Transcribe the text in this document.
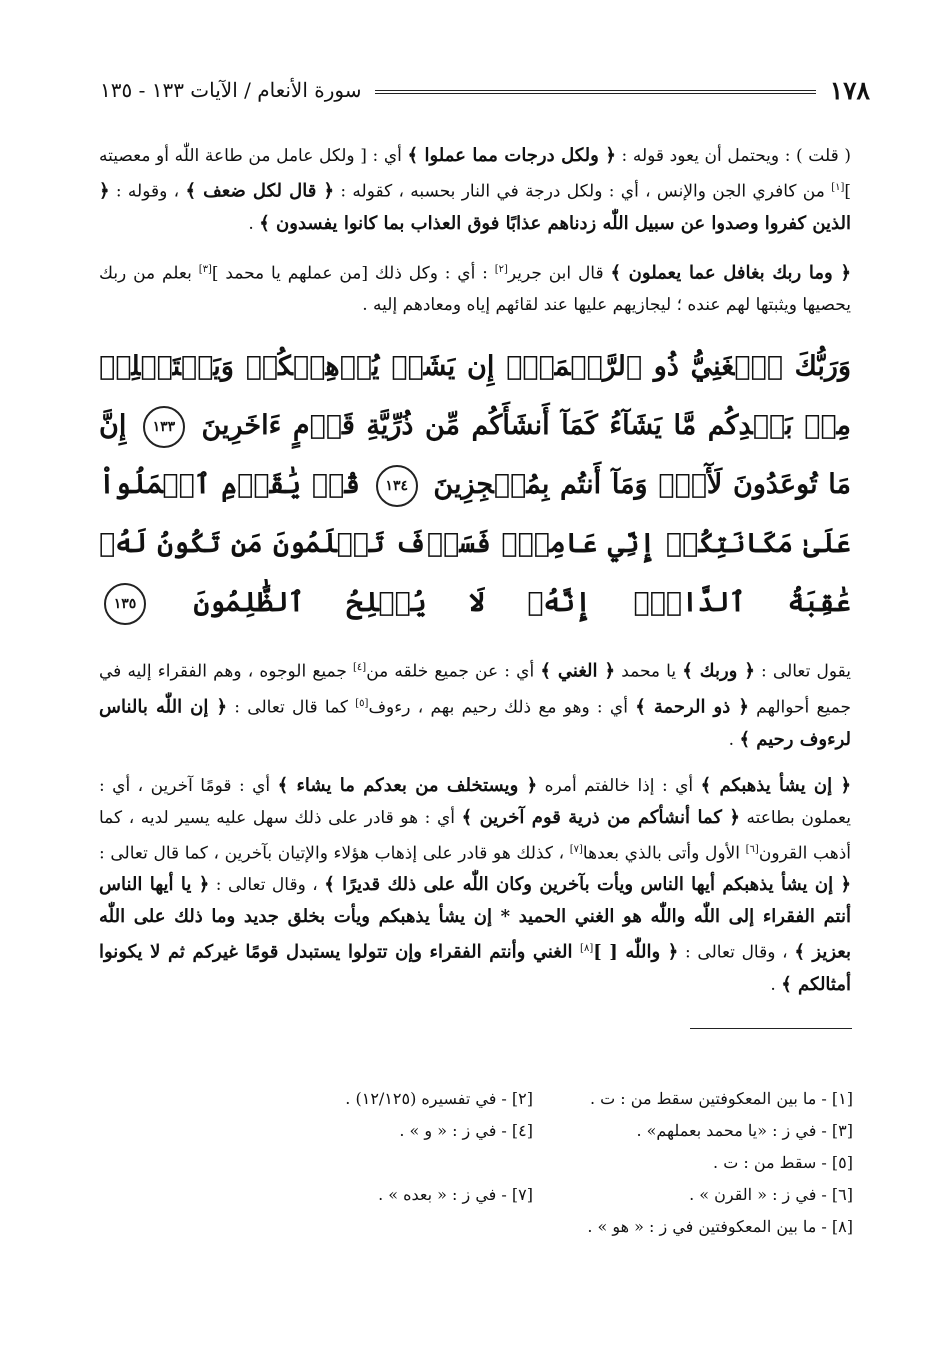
١٧٨
سورة الأنعام / الآيات ١٣٣ - ١٣٥

( قلت ) : ويحتمل أن يعود قوله : ﴿ ولكل درجات مما عملوا ﴾ أي : [ ولكل عامل من طاعة اللّٰه أو معصيته ][١] من كافري الجن والإنس ، أي : ولكل درجة في النار بحسبه ، كقوله : ﴿ قال لكل ضعف ﴾ ، وقوله : ﴿ الذين كفروا وصدوا عن سبيل اللّٰه زدناهم عذابًا فوق العذاب بما كانوا يفسدون ﴾ .

﴿ وما ربك بغافل عما يعملون ﴾ قال ابن جرير[٢] : أي : وكل ذلك [من عملهم يا محمد ][٣] بعلم من ربك يحصيها ويثبتها لهم عنده ؛ ليجازيهم عليها عند لقائهم إياه ومعادهم إليه .

وَرَبُّكَ ٱلۡغَنِيُّ ذُو ٱلرَّحۡمَةِۚ إِن يَشَأۡ يُذۡهِبۡكُمۡ وَيَسۡتَخۡلِفۡ مِنۢ بَعۡدِكُم مَّا يَشَآءُ كَمَآ أَنشَأَكُم مِّن ذُرِّيَّةِ قَوۡمٍ ءَاخَرِينَ ١٣٣ إِنَّ مَا تُوعَدُونَ لَأٓتٖۖ وَمَآ أَنتُم بِمُعۡجِزِينَ ١٣٤ قُلۡ يَٰقَوۡمِ ٱعۡمَلُواْ عَلَىٰ مَكَانَتِكُمۡ إِنِّي عَامِلٞۖ فَسَوۡفَ تَعۡلَمُونَ مَن تَكُونُ لَهُۥ عَٰقِبَةُ ٱلدَّارِۚ إِنَّهُۥ لَا يُفۡلِحُ ٱلظَّٰلِمُونَ ١٣٥

يقول تعالى : ﴿ وربك ﴾ يا محمد ﴿ الغني ﴾ أي : عن جميع خلقه من[٤] جميع الوجوه ، وهم الفقراء إليه في جميع أحوالهم ﴿ ذو الرحمة ﴾ أي : وهو مع ذلك رحيم بهم ، رءوف[٥] كما قال تعالى : ﴿ إن اللّٰه بالناس لرءوف رحيم ﴾ .

﴿ إن يشأ يذهبكم ﴾ أي : إذا خالفتم أمره ﴿ ويستخلف من بعدكم ما يشاء ﴾ أي : قومًا آخرين ، أي : يعملون بطاعته ﴿ كما أنشأكم من ذرية قوم آخرين ﴾ أي : هو قادر على ذلك سهل عليه يسير لديه ، كما أذهب القرون[٦] الأول وأتى بالذي بعدها[٧] ، كذلك هو قادر على إذهاب هؤلاء والإتيان بآخرين ، كما قال تعالى : ﴿ إن يشأ يذهبكم أيها الناس ويأت بآخرين وكان اللّٰه على ذلك قديرًا ﴾ ، وقال تعالى : ﴿ يا أيها الناس أنتم الفقراء إلى اللّٰه واللّٰه هو الغني الحميد * إن يشأ يذهبكم ويأت بخلق جديد وما ذلك على اللّٰه بعزيز ﴾ ، وقال تعالى : ﴿ واللّٰه [ ][٨] الغني وأنتم الفقراء وإن تتولوا يستبدل قومًا غيركم ثم لا يكونوا أمثالكم ﴾ .

[١] - ما بين المعكوفتين سقط من : ت .
[٢] - في تفسيره (١٢/١٢٥) .
[٣] - في ز : «يا محمد بعملهم» .
[٤] - في ز : « و » .
[٥] - سقط من : ت .
[٦] - في ز : « القرن » .
[٧] - في ز : « بعده » .
[٨] - ما بين المعكوفتين في ز : « هو » .
